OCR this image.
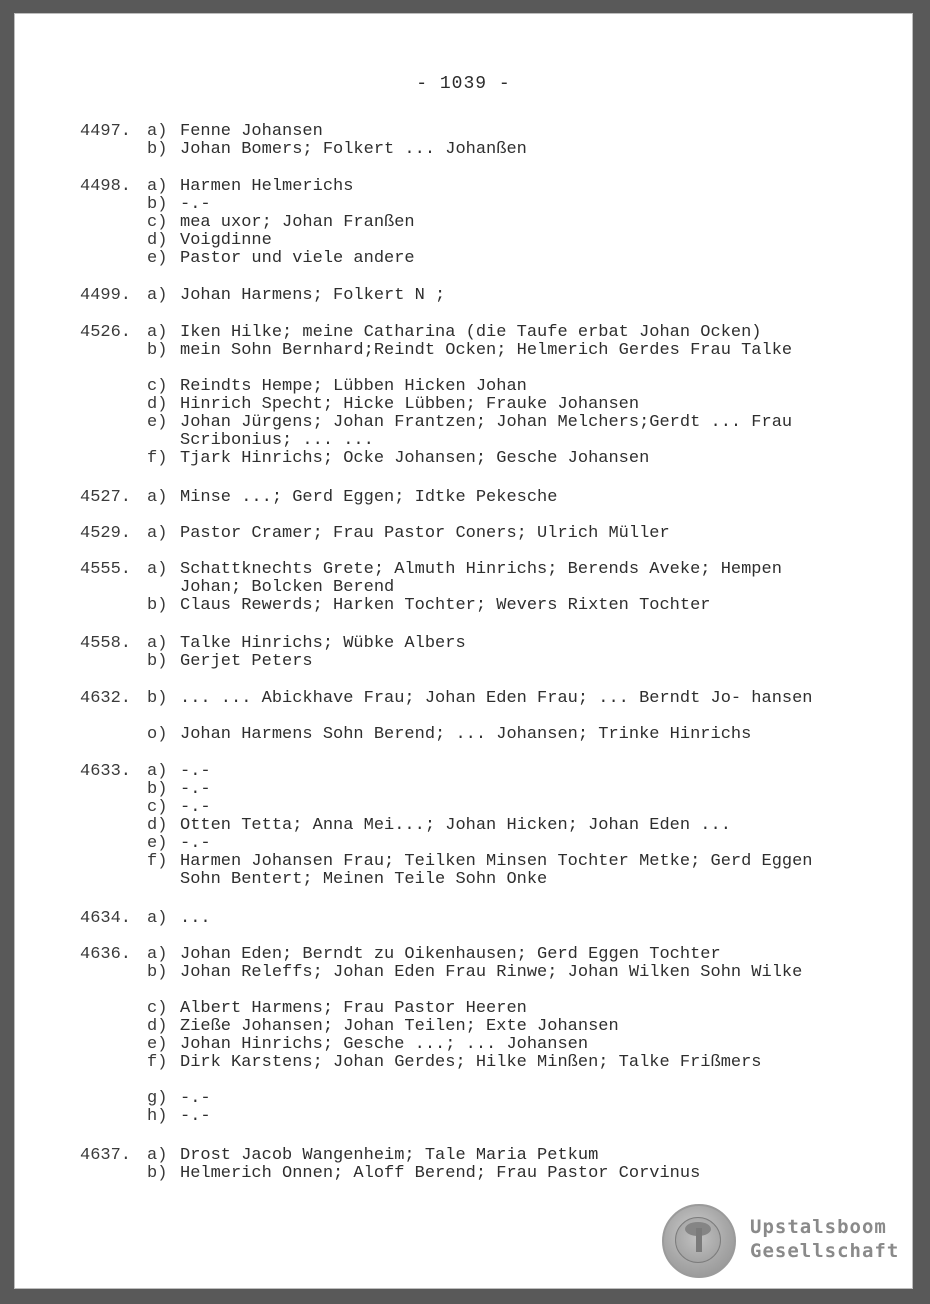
- 1039 -
4497. a) Fenne Johansen
b) Johan Bomers; Folkert ... Johanßen
4498. a) Harmen Helmerichs
b) -.-
c) mea uxor; Johan Franßen
d) Voigdinne
e) Pastor und viele andere
4499. a) Johan Harmens; Folkert N ;
4526. a) Iken Hilke; meine Catharina (die Taufe erbat Johan Ocken)
b) mein Sohn Bernhard;Reindt Ocken; Helmerich Gerdes Frau Talke
c) Reindts Hempe; Lübben Hicken Johan
d) Hinrich Specht; Hicke Lübben; Frauke Johansen
e) Johan Jürgens; Johan Frantzen; Johan Melchers;Gerdt ... Frau Scribonius; ... ...
f) Tjark Hinrichs; Ocke Johansen; Gesche Johansen
4527. a) Minse ...; Gerd Eggen; Idtke Pekesche
4529. a) Pastor Cramer; Frau Pastor Coners; Ulrich Müller
4555. a) Schattknechts Grete; Almuth Hinrichs; Berends Aveke; Hempen Johan; Bolcken Berend
b) Claus Rewerds; Harken Tochter; Wevers Rixten Tochter
4558. a) Talke Hinrichs; Wübke Albers
b) Gerjet Peters
4632. b) ... ... Abickhave Frau; Johan Eden Frau; ... Berndt Jo- hansen
o) Johan Harmens Sohn Berend; ... Johansen; Trinke Hinrichs
4633. a) -.-
b) -.-
c) -.-
d) Otten Tetta; Anna Mei...; Johan Hicken; Johan Eden ...
e) -.-
f) Harmen Johansen Frau; Teilken Minsen Tochter Metke; Gerd Eggen Sohn Bentert; Meinen Teile Sohn Onke
4634. a) ...
4636. a) Johan Eden; Berndt zu Oikenhausen; Gerd Eggen Tochter
b) Johan Releffs; Johan Eden Frau Rinwe; Johan Wilken Sohn Wilke
c) Albert Harmens; Frau Pastor Heeren
d) Zieße Johansen; Johan Teilen; Exte Johansen
e) Johan Hinrichs; Gesche ...; ... Johansen
f) Dirk Karstens; Johan Gerdes; Hilke Minßen; Talke Frißmers
g) -.-
h) -.-
4637. a) Drost Jacob Wangenheim; Tale Maria Petkum
b) Helmerich Onnen; Aloff Berend; Frau Pastor Corvinus
Upstalsboom
Gesellschaft
